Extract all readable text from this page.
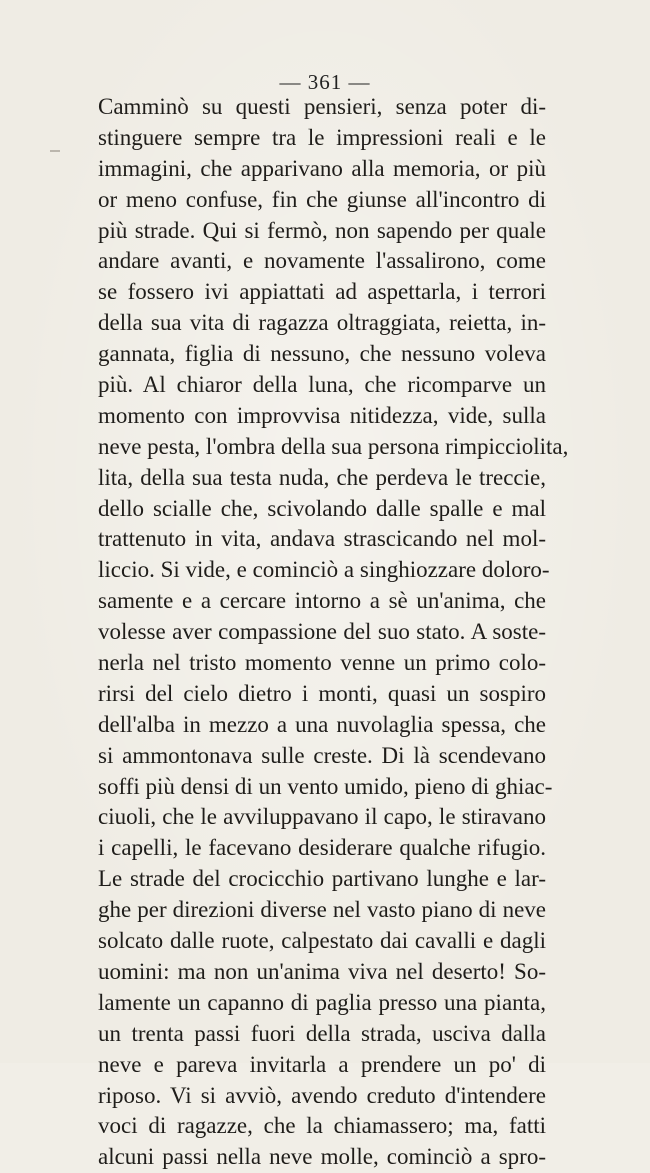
— 361 —
Camminò su questi pensieri, senza poter di-
stinguere sempre tra le impressioni reali e le
immagini, che apparivano alla memoria, or più
or meno confuse, fin che giunse all'incontro di
più strade. Qui si fermò, non sapendo per quale
andare avanti, e novamente l'assalirono, come
se fossero ivi appiattati ad aspettarla, i terrori
della sua vita di ragazza oltraggiata, reietta, in-
gannata, figlia di nessuno, che nessuno voleva
più. Al chiaror della luna, che ricomparve un
momento con improvvisa nitidezza, vide, sulla
neve pesta, l'ombra della sua persona rimpicciolita,
lita, della sua testa nuda, che perdeva le treccie,
dello scialle che, scivolando dalle spalle e mal
trattenuto in vita, andava strascicando nel mol-
liccio. Si vide, e cominciò a singhiozzare doloro-
samente e a cercare intorno a sè un'anima, che
volesse aver compassione del suo stato. A soste-
nerla nel tristo momento venne un primo colo-
rirsi del cielo dietro i monti, quasi un sospiro
dell'alba in mezzo a una nuvolaglia spessa, che
si ammontonava sulle creste. Di là scendevano
soffi più densi di un vento umido, pieno di ghiac-
ciuoli, che le avviluppavano il capo, le stiravano
i capelli, le facevano desiderare qualche rifugio.
Le strade del crocicchio partivano lunghe e lar-
ghe per direzioni diverse nel vasto piano di neve
solcato dalle ruote, calpestato dai cavalli e dagli
uomini: ma non un'anima viva nel deserto! So-
lamente un capanno di paglia presso una pianta,
un trenta passi fuori della strada, usciva dalla
neve e pareva invitarla a prendere un po' di
riposo. Vi si avviò, avendo creduto d'intendere
voci di ragazze, che la chiamassero; ma, fatti
alcuni passi nella neve molle, cominciò a spro-
